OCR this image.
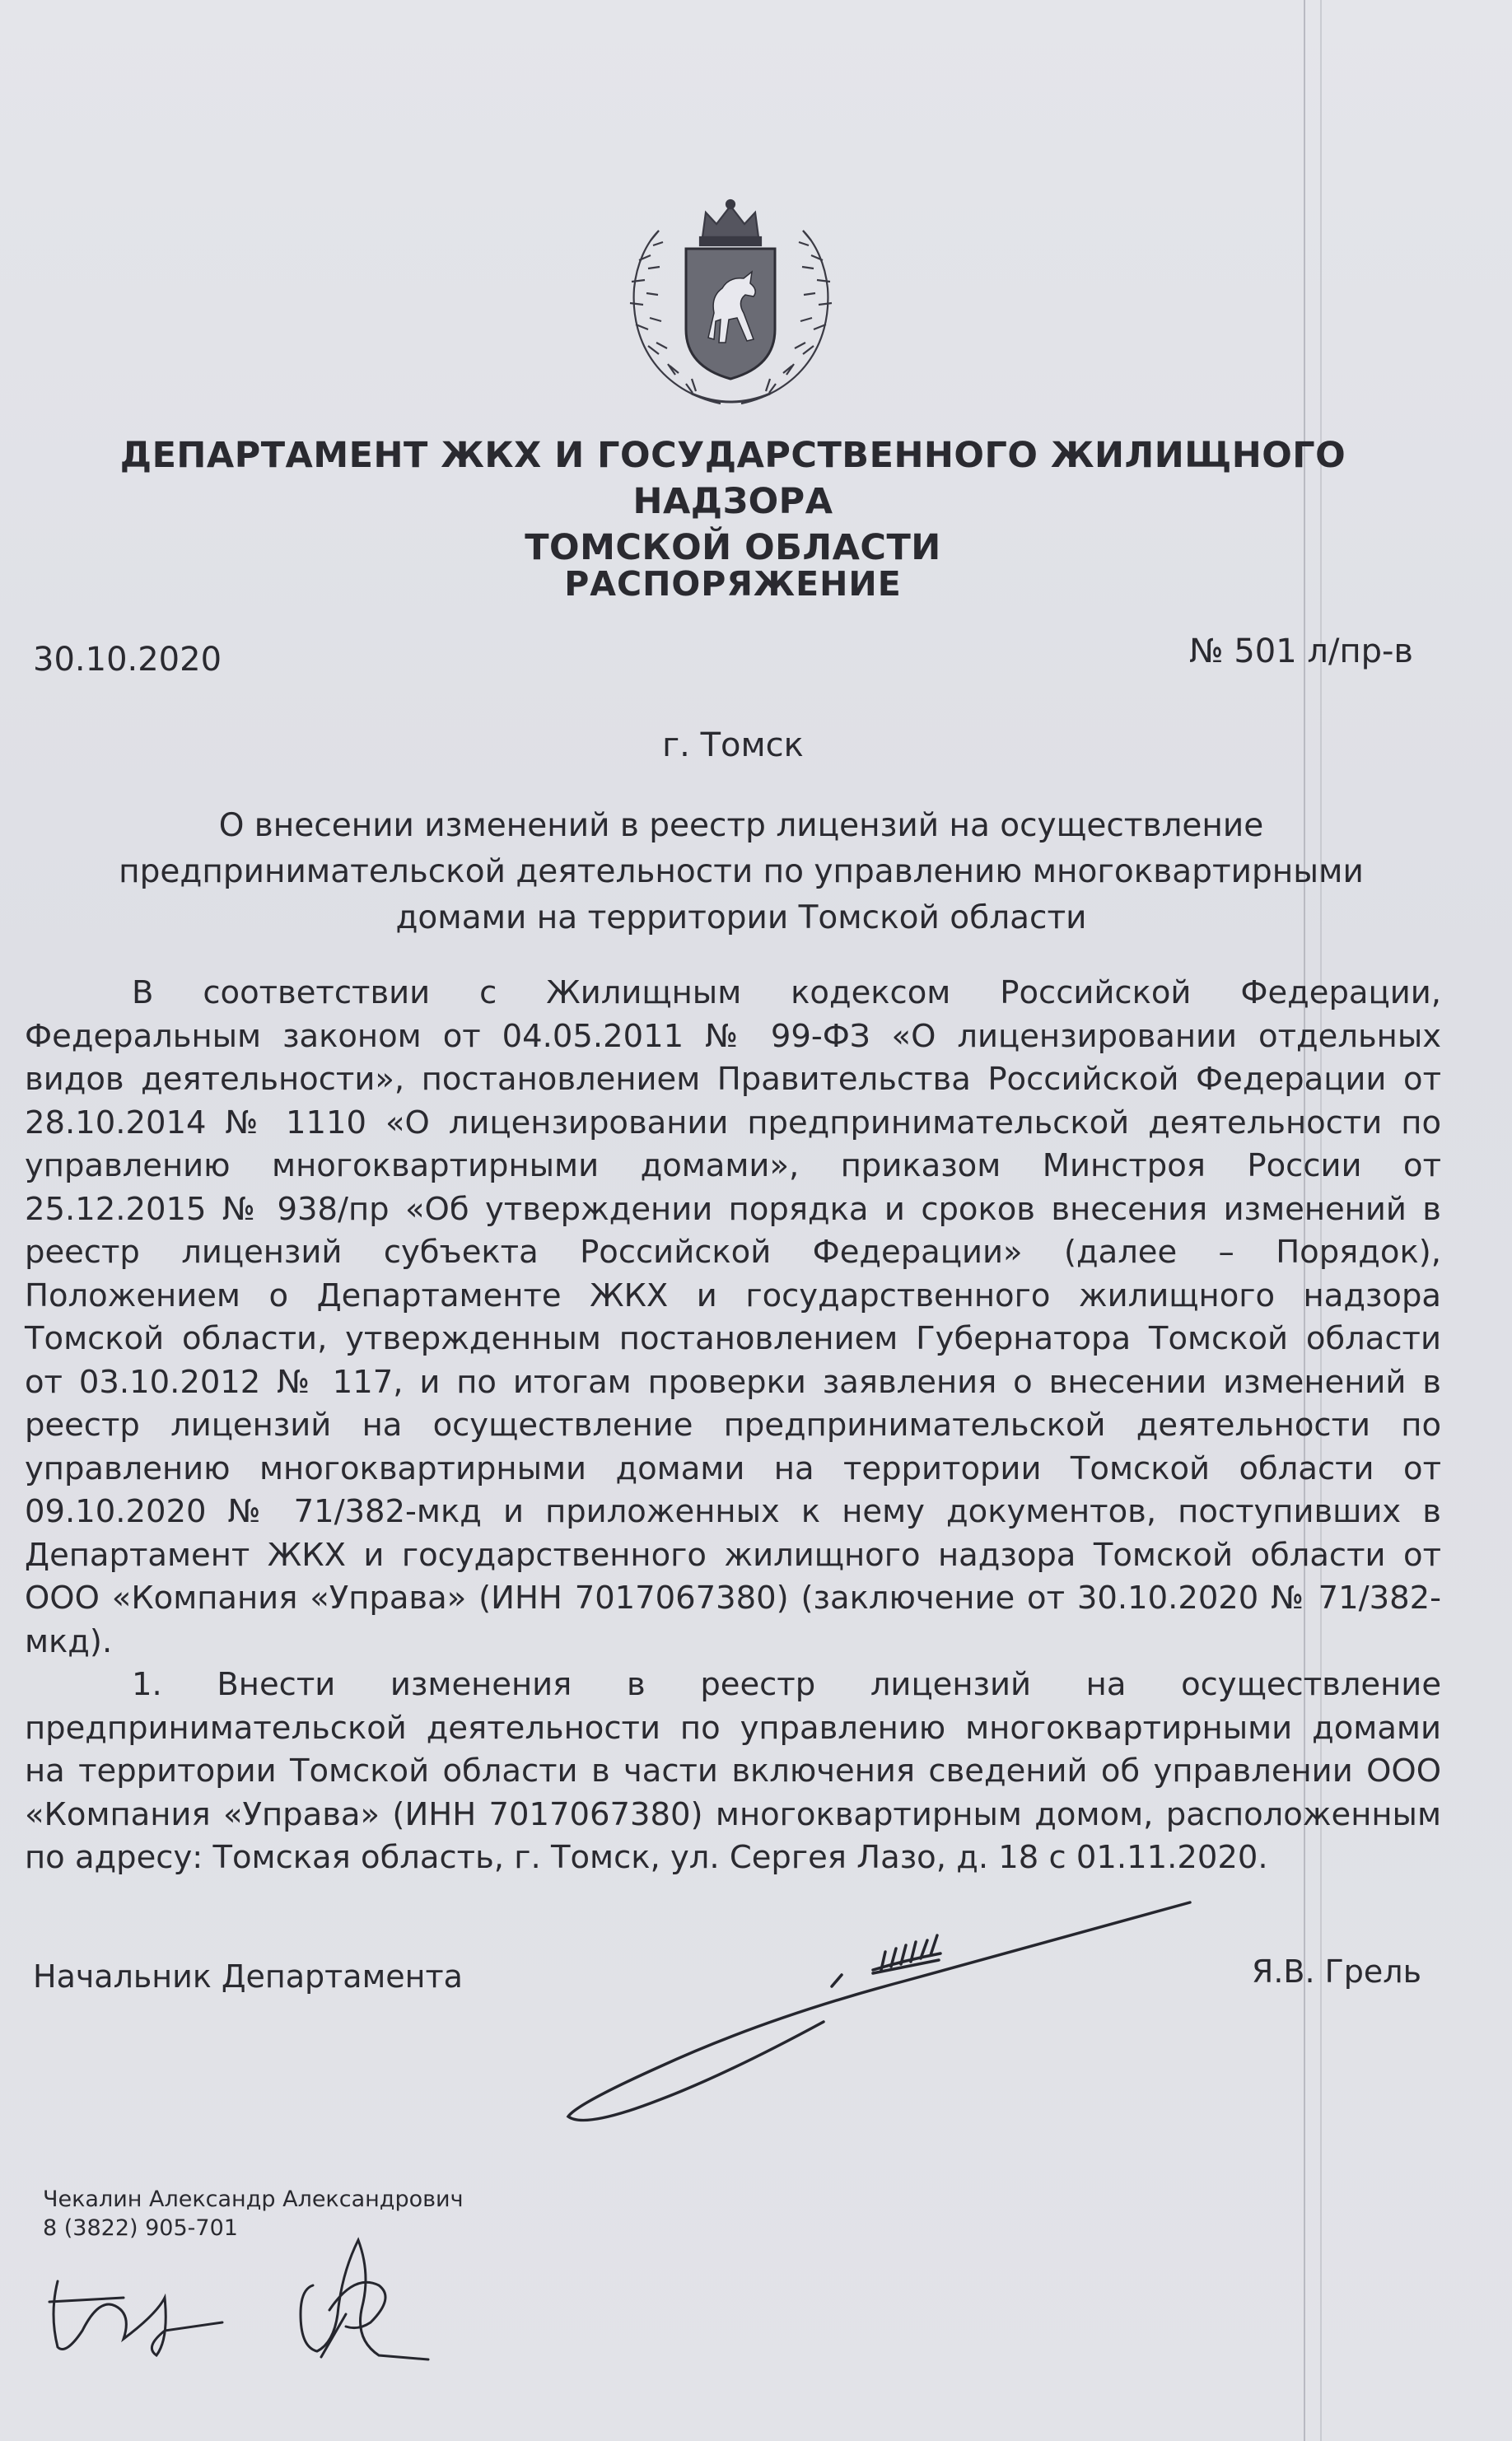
ДЕПАРТАМЕНТ ЖКХ И ГОСУДАРСТВЕННОГО ЖИЛИЩНОГО НАДЗОРА
ТОМСКОЙ ОБЛАСТИ
РАСПОРЯЖЕНИЕ
30.10.2020	№ 501 л/пр-в
г. Томск
О внесении изменений в реестр лицензий на осуществление предпринимательской деятельности по управлению многоквартирными домами на территории Томской области

В соответствии с Жилищным кодексом Российской Федерации, Федеральным законом от 04.05.2011 № 99-ФЗ «О лицензировании отдельных видов деятельности», постановлением Правительства Российской Федерации от 28.10.2014 № 1110 «О лицензировании предпринимательской деятельности по управлению многоквартирными домами», приказом Минстроя России от 25.12.2015 № 938/пр «Об утверждении порядка и сроков внесения изменений в реестр лицензий субъекта Российской Федерации» (далее – Порядок), Положением о Департаменте ЖКХ и государственного жилищного надзора Томской области, утвержденным постановлением Губернатора Томской области от 03.10.2012 № 117, и по итогам проверки заявления о внесении изменений в реестр лицензий на осуществление предпринимательской деятельности по управлению многоквартирными домами на территории Томской области от 09.10.2020 № 71/382-мкд и приложенных к нему документов, поступивших в Департамент ЖКХ и государственного жилищного надзора Томской области от ООО «Компания «Управа» (ИНН 7017067380) (заключение от 30.10.2020 № 71/382-мкд).

1. Внести изменения в реестр лицензий на осуществление предпринимательской деятельности по управлению многоквартирными домами на территории Томской области в части включения сведений об управлении ООО «Компания «Управа» (ИНН 7017067380) многоквартирным домом, расположенным по адресу: Томская область, г. Томск, ул. Сергея Лазо, д. 18 с 01.11.2020.

Начальник Департамента	Я.В. Грель
Чекалин Александр Александрович
8 (3822) 905-701
